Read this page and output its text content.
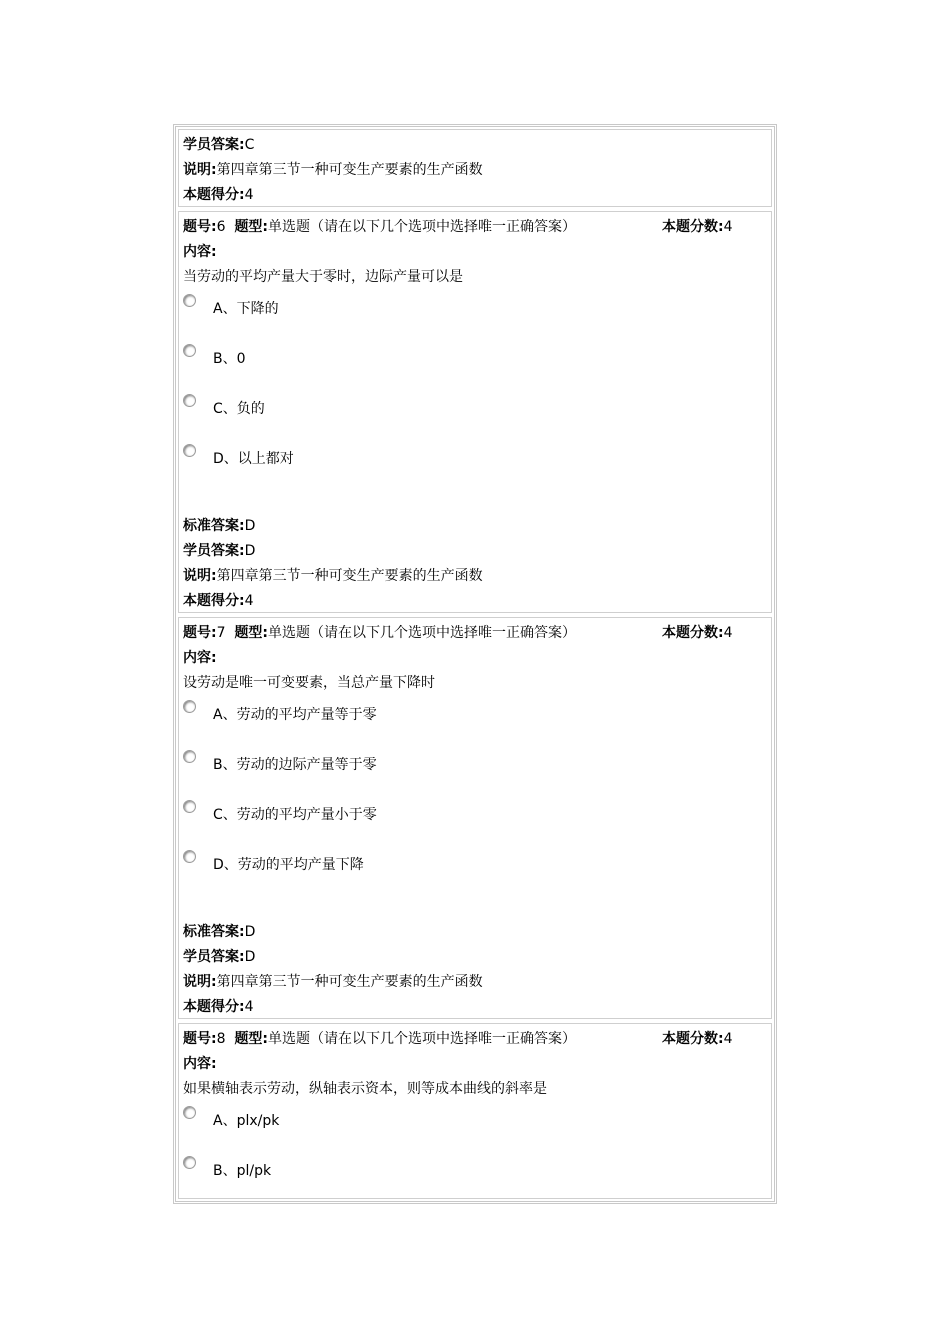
学员答案:C
说明:第四章第三节一种可变生产要素的生产函数
本题得分:4
题号:6 题型:单选题（请在以下几个选项中选择唯一正确答案）	本题分数:4
内容:
当劳动的平均产量大于零时，边际产量可以是
A、下降的
B、0
C、负的
D、以上都对
标准答案:D
学员答案:D
说明:第四章第三节一种可变生产要素的生产函数
本题得分:4
题号:7 题型:单选题（请在以下几个选项中选择唯一正确答案）	本题分数:4
内容:
设劳动是唯一可变要素，当总产量下降时
A、劳动的平均产量等于零
B、劳动的边际产量等于零
C、劳动的平均产量小于零
D、劳动的平均产量下降
标准答案:D
学员答案:D
说明:第四章第三节一种可变生产要素的生产函数
本题得分:4
题号:8 题型:单选题（请在以下几个选项中选择唯一正确答案）	本题分数:4
内容:
如果横轴表示劳动，纵轴表示资本，则等成本曲线的斜率是
A、plx/pk
B、pl/pk
